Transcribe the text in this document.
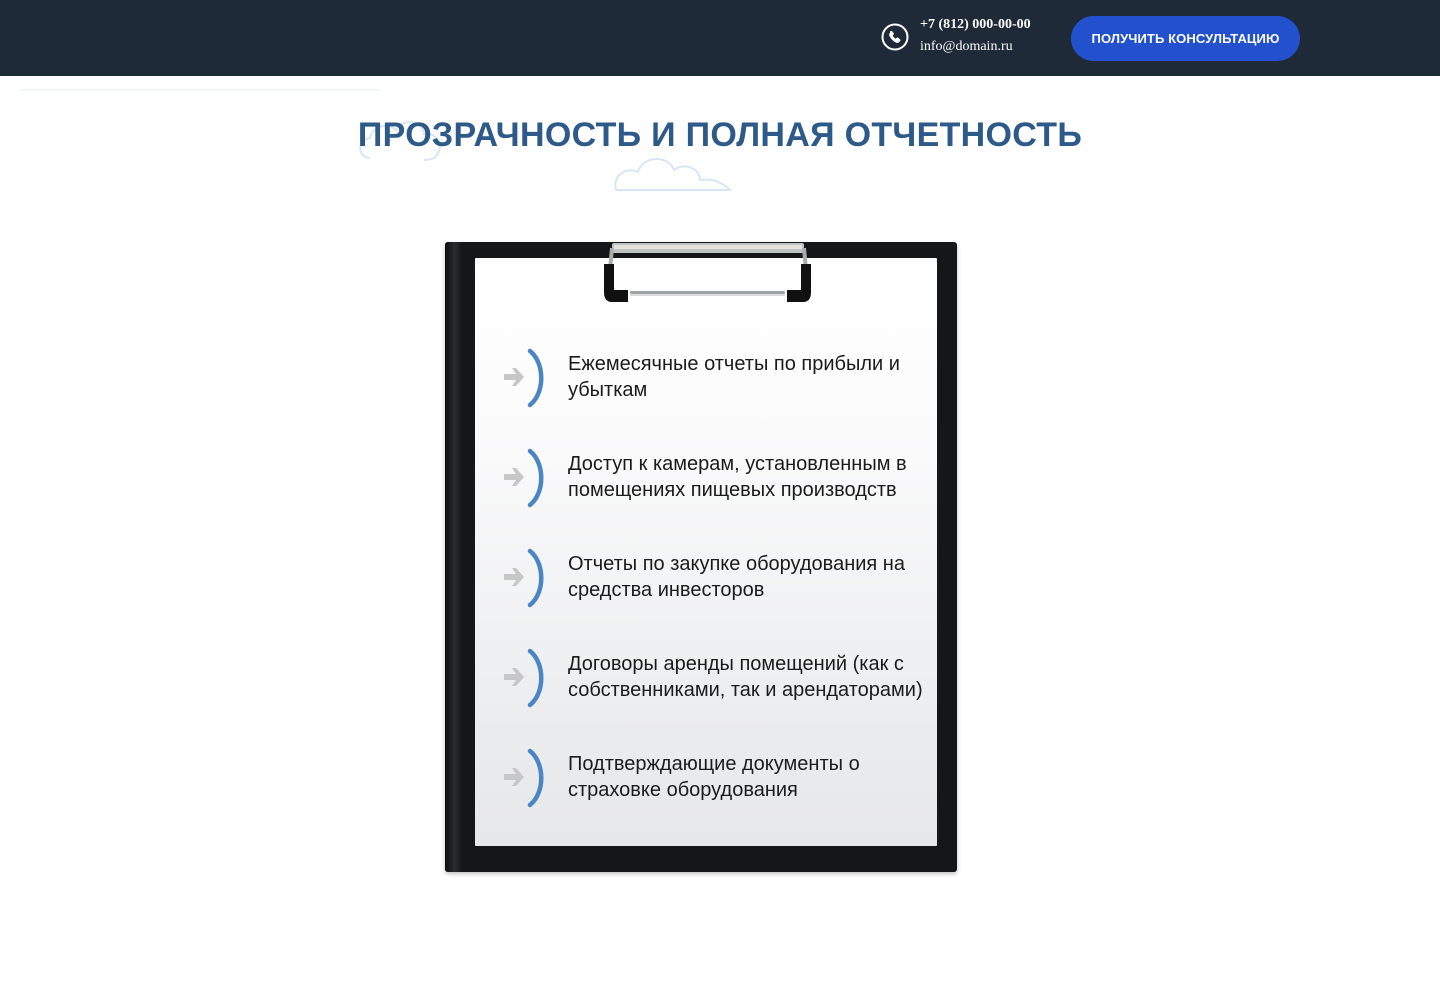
+7 (812) 000-00-00
info@domain.ru
ПОЛУЧИТЬ КОНСУЛЬТАЦИЮ
ПРОЗРАЧНОСТЬ И ПОЛНАЯ ОТЧЕТНОСТЬ
Ежемесячные отчеты по прибыли и убыткам
Доступ к камерам, установленным в помещениях пищевых производств
Отчеты по закупке оборудования на средства инвесторов
Договоры аренды помещений (как с собственниками, так и арендаторами)
Подтверждающие документы о страховке оборудования
